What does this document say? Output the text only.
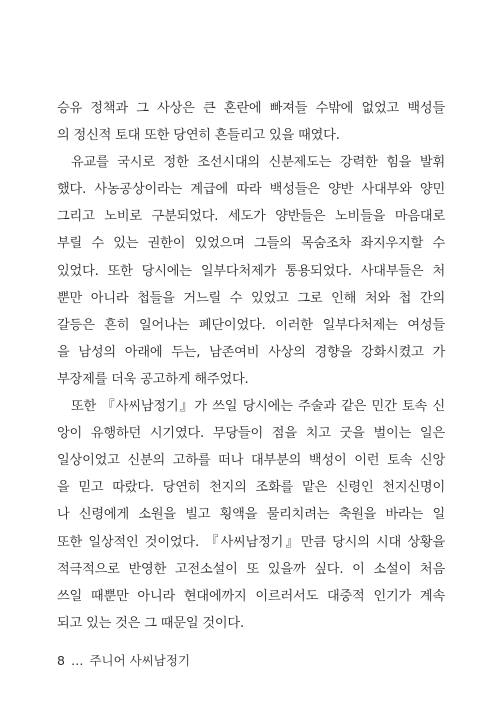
승유 정책과 그 사상은 큰 혼란에 빠져들 수밖에 없었고 백성들
의 정신적 토대 또한 당연히 흔들리고 있을 때였다.
유교를 국시로 정한 조선시대의 신분제도는 강력한 힘을 발휘
했다. 사농공상이라는 계급에 따라 백성들은 양반 사대부와 양민
그리고 노비로 구분되었다. 세도가 양반들은 노비들을 마음대로
부릴 수 있는 권한이 있었으며 그들의 목숨조차 좌지우지할 수
있었다. 또한 당시에는 일부다처제가 통용되었다. 사대부들은 처
뿐만 아니라 첩들을 거느릴 수 있었고 그로 인해 처와 첩 간의
갈등은 흔히 일어나는 폐단이었다. 이러한 일부다처제는 여성들
을 남성의 아래에 두는, 남존여비 사상의 경향을 강화시켰고 가
부장제를 더욱 공고하게 해주었다.
또한 『사씨남정기』가 쓰일 당시에는 주술과 같은 민간 토속 신
앙이 유행하던 시기였다. 무당들이 점을 치고 굿을 벌이는 일은
일상이었고 신분의 고하를 떠나 대부분의 백성이 이런 토속 신앙
을 믿고 따랐다. 당연히 천지의 조화를 맡은 신령인 천지신명이
나 신령에게 소원을 빌고 횡액을 물리치려는 축원을 바라는 일
또한 일상적인 것이었다. 『사씨남정기』만큼 당시의 시대 상황을
적극적으로 반영한 고전소설이 또 있을까 싶다. 이 소설이 처음
쓰일 때뿐만 아니라 현대에까지 이르러서도 대중적 인기가 계속
되고 있는 것은 그 때문일 것이다.
8 … 주니어 사씨남정기
